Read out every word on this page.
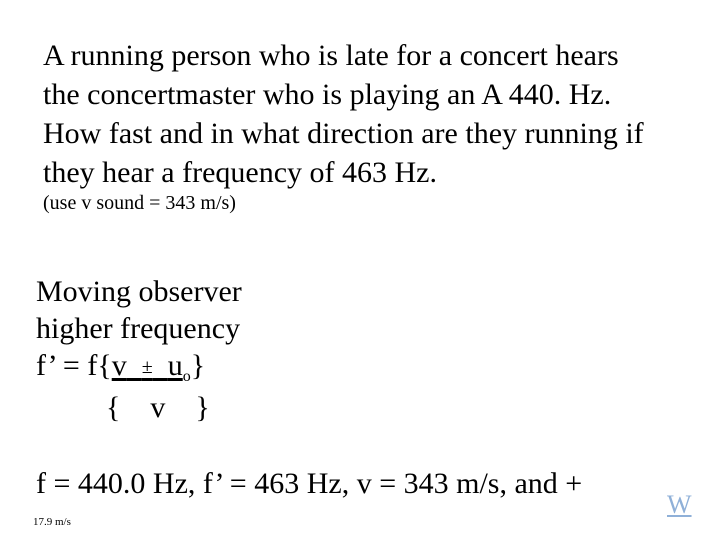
A running person who is late for a concert hears
the concertmaster who is playing an A 440. Hz.
How fast and in what direction are they running if
they hear a frequency of 463 Hz.
(use v sound = 343 m/s)
Moving observer
higher frequency
f’ = $f\{v \pm u_o\}$
{    v    }
f = 440.0 Hz, f’ = 463 Hz, v = 343 m/s, and +
17.9 m/s
W
